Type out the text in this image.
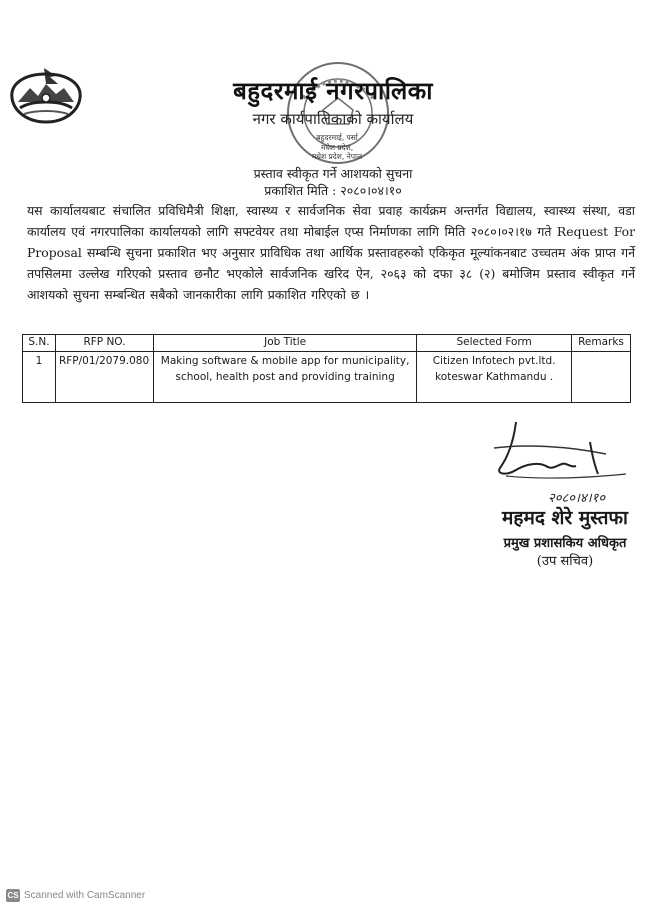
बहुदरमाई नगरपालिका
नगर कार्यपालिकाको कार्यालय
बहुदरमाई, पर्सा
मधेश प्रदेश,
मधेश प्रदेश, नेपाल
प्रस्ताव स्वीकृत गर्ने आशयको सुचना
प्रकाशित मिति : २०८०।०४।१०
यस कार्यालयबाट संचालित प्रविधिमैत्री शिक्षा, स्वास्थ्य र सार्वजनिक सेवा प्रवाह कार्यक्रम अन्तर्गत विद्यालय, स्वास्थ्य संस्था, वडा कार्यालय एवं नगरपालिका कार्यालयको लागि सफ्टवेयर तथा मोबाईल एप्स निर्माणका लागि मिति २०८०।०२।१७ गते Request For Proposal सम्बन्धि सुचना प्रकाशित भए अनुसार प्राविधिक तथा आर्थिक प्रस्तावहरुको एकिकृत मूल्यांकनबाट उच्चतम अंक प्राप्त गर्ने तपसिलमा उल्लेख गरिएको प्रस्ताव छनौट भएकोले सार्वजनिक खरिद ऐन, २०६३ को दफा ३८ (२) बमोजिम प्रस्ताव स्वीकृत गर्ने आशयको सुचना सम्बन्धित सबैको जानकारीका लागि प्रकाशित गरिएको छ ।
S.N.	RFP NO.	Job Title	Selected Form	Remarks
1	RFP/01/2079.080	Making software & mobile app for municipality, school, health post and providing training	Citizen Infotech pvt.ltd. koteswar Kathmandu .	
२०८०।४।१०
महमद शेरे मुस्तफा
प्रमुख प्रशासकिय अधिकृत
(उप सचिव)
CS Scanned with CamScanner
